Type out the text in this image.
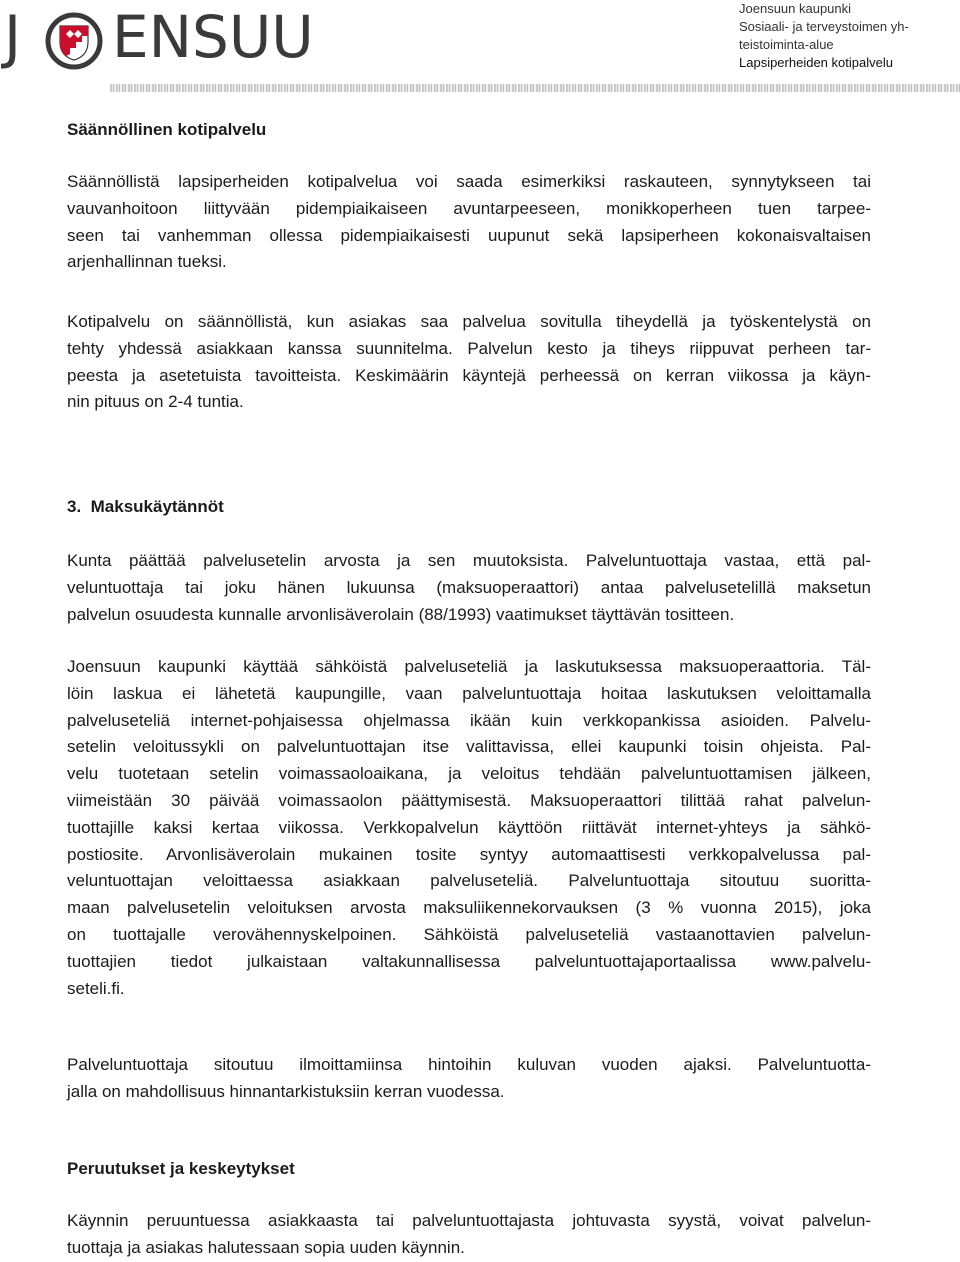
J ENSUU	Joensuun kaupunki
Sosiaali- ja terveystoimen yh-
teistoiminta-alue
Lapsiperheiden kotipalvelu
Säännöllinen kotipalvelu
Säännöllistä lapsiperheiden kotipalvelua voi saada esimerkiksi raskauteen, synnytykseen tai
vauvanhoitoon liittyvään pidempiaikaiseen avuntarpeeseen, monikkoperheen tuen tarpee-
seen tai vanhemman ollessa pidempiaikaisesti uupunut sekä lapsiperheen kokonaisvaltaisen
arjenhallinnan tueksi.
Kotipalvelu on säännöllistä, kun asiakas saa palvelua sovitulla tiheydellä ja työskentelystä on
tehty yhdessä asiakkaan kanssa suunnitelma. Palvelun kesto ja tiheys riippuvat perheen tar-
peesta ja asetetuista tavoitteista. Keskimäärin käyntejä perheessä on kerran viikossa ja käyn-
nin pituus on 2-4 tuntia.
3.  Maksukäytännöt
Kunta päättää palvelusetelin arvosta ja sen muutoksista. Palveluntuottaja vastaa, että pal-
veluntuottaja tai joku hänen lukuunsa (maksuoperaattori) antaa palvelusetelillä maksetun
palvelun osuudesta kunnalle arvonlisäverolain (88/1993) vaatimukset täyttävän tositteen.
Joensuun kaupunki käyttää sähköistä palveluseteliä ja laskutuksessa maksuoperaattoria. Täl-
löin laskua ei lähetetä kaupungille, vaan palveluntuottaja hoitaa laskutuksen veloittamalla
palveluseteliä internet-pohjaisessa ohjelmassa ikään kuin verkkopankissa asioiden. Palvelu-
setelin veloitussykli on palveluntuottajan itse valittavissa, ellei kaupunki toisin ohjeista. Pal-
velu tuotetaan setelin voimassaoloaikana, ja veloitus tehdään palveluntuottamisen jälkeen,
viimeistään 30 päivää voimassaolon päättymisestä. Maksuoperaattori tilittää rahat palvelun-
tuottajille kaksi kertaa viikossa. Verkkopalvelun käyttöön riittävät internet-yhteys ja sähkö-
postiosite. Arvonlisäverolain mukainen tosite syntyy automaattisesti verkkopalvelussa pal-
veluntuottajan veloittaessa asiakkaan palveluseteliä. Palveluntuottaja sitoutuu suoritta-
maan palvelusetelin veloituksen arvosta maksuliikennekorvauksen (3 % vuonna 2015), joka
on tuottajalle verovähennyskelpoinen. Sähköistä palveluseteliä vastaanottavien palvelun-
tuottajien tiedot julkaistaan valtakunnallisessa palveluntuottajaportaalissa www.palvelu-
seteli.fi.
Palveluntuottaja sitoutuu ilmoittamiinsa hintoihin kuluvan vuoden ajaksi. Palveluntuotta-
jalla on mahdollisuus hinnantarkistuksiin kerran vuodessa.
Peruutukset ja keskeytykset
Käynnin peruuntuessa asiakkaasta tai palveluntuottajasta johtuvasta syystä, voivat palvelun-
tuottaja ja asiakas halutessaan sopia uuden käynnin.
